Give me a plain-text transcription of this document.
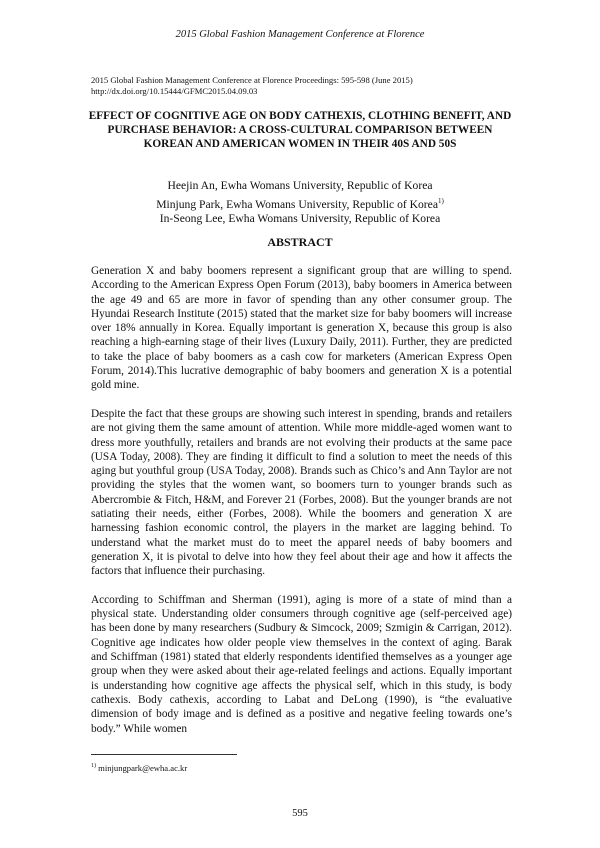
2015 Global Fashion Management Conference at Florence
2015 Global Fashion Management Conference at Florence Proceedings: 595-598 (June 2015)
http://dx.doi.org/10.15444/GFMC2015.04.09.03
EFFECT OF COGNITIVE AGE ON BODY CATHEXIS, CLOTHING BENEFIT, AND PURCHASE BEHAVIOR: A CROSS-CULTURAL COMPARISON BETWEEN KOREAN AND AMERICAN WOMEN IN THEIR 40S AND 50S
Heejin An, Ewha Womans University, Republic of Korea
Minjung Park, Ewha Womans University, Republic of Korea$^{1)}$
In-Seong Lee, Ewha Womans University, Republic of Korea
ABSTRACT

Generation X and baby boomers represent a significant group that are willing to spend. According to the American Express Open Forum (2013), baby boomers in America between the age 49 and 65 are more in favor of spending than any other consumer group. The Hyundai Research Institute (2015) stated that the market size for baby boomers will increase over 18% annually in Korea. Equally important is generation X, because this group is also reaching a high-earning stage of their lives (Luxury Daily, 2011). Further, they are predicted to take the place of baby boomers as a cash cow for marketers (American Express Open Forum, 2014).This lucrative demographic of baby boomers and generation X is a potential gold mine.

Despite the fact that these groups are showing such interest in spending, brands and retailers are not giving them the same amount of attention. While more middle-aged women want to dress more youthfully, retailers and brands are not evolving their products at the same pace (USA Today, 2008). They are finding it difficult to find a solution to meet the needs of this aging but youthful group (USA Today, 2008). Brands such as Chico’s and Ann Taylor are not providing the styles that the women want, so boomers turn to younger brands such as Abercrombie & Fitch, H&M, and Forever 21 (Forbes, 2008). But the younger brands are not satiating their needs, either (Forbes, 2008). While the boomers and generation X are harnessing fashion economic control, the players in the market are lagging behind. To understand what the market must do to meet the apparel needs of baby boomers and generation X, it is pivotal to delve into how they feel about their age and how it affects the factors that influence their purchasing.

According to Schiffman and Sherman (1991), aging is more of a state of mind than a physical state. Understanding older consumers through cognitive age (self-perceived age) has been done by many researchers (Sudbury & Simcock, 2009; Szmigin & Carrigan, 2012). Cognitive age indicates how older people view themselves in the context of aging. Barak and Schiffman (1981) stated that elderly respondents identified themselves as a younger age group when they were asked about their age-related feelings and actions. Equally important is understanding how cognitive age affects the physical self, which in this study, is body cathexis. Body cathexis, according to Labat and DeLong (1990), is “the evaluative dimension of body image and is defined as a positive and negative feeling towards one’s body.” While women

$^{1)}$ minjungpark@ewha.ac.kr
595
